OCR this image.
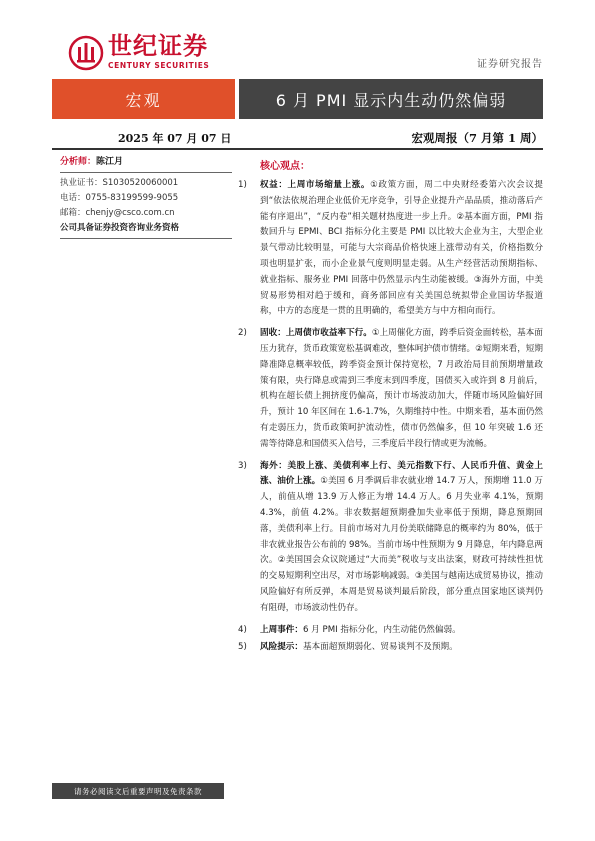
世纪证券
CENTURY SECURITIES	证券研究报告
宏观	6 月 PMI 显示内生动仍然偏弱
2025 年 07 月 07 日	宏观周报（7 月第 1 周）
分析师：陈江月
执业证书：S1030520060001
电话：0755-83199599-9055
邮箱：chenjy@csco.com.cn
公司具备证券投资咨询业务资格
核心观点：
1) 权益：上周市场缩量上涨。①政策方面，周二中央财经委第六次会议提到“依法依规治理企业低价无序竞争，引导企业提升产品品质，推动落后产能有序退出”，“反内卷”相关题材热度进一步上升。②基本面方面，PMI 指数回升与 EPMI、BCI 指标分化主要是 PMI 以比较大企业为主，大型企业景气带动比较明显，可能与大宗商品价格快速上涨带动有关，价格指数分项也明显扩张，而小企业景气度则明显走弱。从生产经营活动预期指标、就业指标、服务业 PMI 回落中仍然显示内生动能被缓。③海外方面，中美贸易形势相对趋于缓和，商务部回应有关美国总统拟带企业国访华报道称，中方的态度是一贯的且明确的，希望美方与中方相向而行。

2) 固收：上周债市收益率下行。①上周催化方面，跨季后资金面转松，基本面压力犹存，货币政策宽松基调难改，整体呵护债市情绪。②短期来看，短期降准降息概率较低，跨季资金预计保持宽松，7 月政治局目前预期增量政策有限，央行降息或需到三季度末到四季度，国债买入或许到 8 月前后，机构在超长债上拥挤度仍偏高，预计市场波动加大，伴随市场风险偏好回升，预计 10 年区间在 1.6-1.7%，久期维持中性。中期来看，基本面仍然有走弱压力，货币政策呵护流动性，债市仍然偏多，但 10 年突破 1.6 还需等待降息和国债买入信号，三季度后半段行情或更为流畅。

3) 海外：美股上涨、美债利率上行、美元指数下行、人民币升值、黄金上涨、油价上涨。①美国 6 月季调后非农就业增 14.7 万人，预期增 11.0 万人，前值从增 13.9 万人修正为增 14.4 万人。6 月失业率 4.1%，预期 4.3%，前值 4.2%。非农数据超预期叠加失业率低于预期，降息预期回落，美债利率上行。目前市场对九月份美联储降息的概率约为 80%，低于非农就业报告公布前的 98%。当前市场中性预期为 9 月降息，年内降息两次。②美国国会众议院通过“大而美”税收与支出法案，财政可持续性担忧的交易短期利空出尽，对市场影响减弱。③美国与越南达成贸易协议，推动风险偏好有所反弹，本周是贸易谈判最后阶段，部分重点国家地区谈判仍有阻碍，市场波动性仍存。

4) 上周事件：6 月 PMI 指标分化，内生动能仍然偏弱。

5) 风险提示：基本面超预期弱化、贸易谈判不及预期。

请务必阅读文后重要声明及免责条款
